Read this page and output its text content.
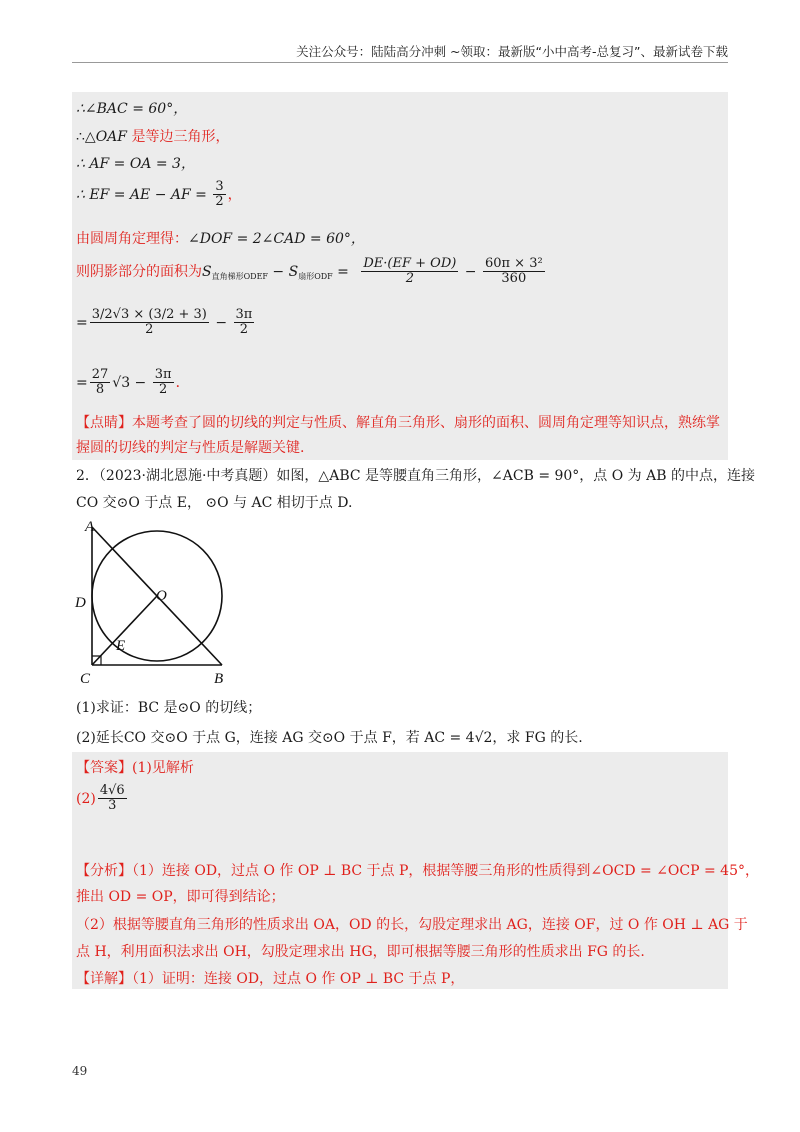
关注公众号：陆陆高分冲刺 ~领取：最新版“小中高考-总复习”、最新试卷下载
∴∠BAC = 60°，
∴△OAF 是等边三角形，
∴ AF = OA = 3，
∴ EF = AE − AF = $\frac{3}{2}$ ，
由圆周角定理得：∠DOF = 2∠CAD = 60°，
则阴影部分的面积为$S_{直角梯形ODEF} - S_{扇形ODF} = \frac{DE\cdot(EF + OD)}{2} - \frac{\text{60π × 3²}}{360}$
= $\frac{3/2√3 \times (3/2 + 3)}{2} - \frac{3\pi}{2}$
= $\frac{27}{8} √3 - \frac{3\pi}{2}$ ．
【点睛】本题考查了圆的切线的判定与性质、解直角三角形、扇形的面积、圆周角定理等知识点，熟练掌
握圆的切线的判定与性质是解题关键.
2．（2023·湖北恩施·中考真题）如图，△ABC 是等腰直角三角形，∠ACB = 90°，点 O 为 AB 的中点，连接
CO 交⊙O 于点 E， ⊙O 与 AC 相切于点 D.
A
D	O
E
C	B
(1)求证：BC 是⊙O 的切线；
(2)延长CO 交⊙O 于点 G，连接 AG 交⊙O 于点 F，若 AC = 4√2，求 FG 的长.
【答案】(1)见解析
$(2) \frac{4√6}{3}$
【分析】（1）连接 OD，过点 O 作 OP ⊥ BC 于点 P，根据等腰三角形的性质得到∠OCD = ∠OCP = 45°，
推出 OD = OP，即可得到结论；
（2）根据等腰直角三角形的性质求出 OA，OD 的长，勾股定理求出 AG，连接 OF，过 O 作 OH ⊥ AG 于
点 H，利用面积法求出 OH，勾股定理求出 HG，即可根据等腰三角形的性质求出 FG 的长.
【详解】（1）证明：连接 OD，过点 O 作 OP ⊥ BC 于点 P，
49
